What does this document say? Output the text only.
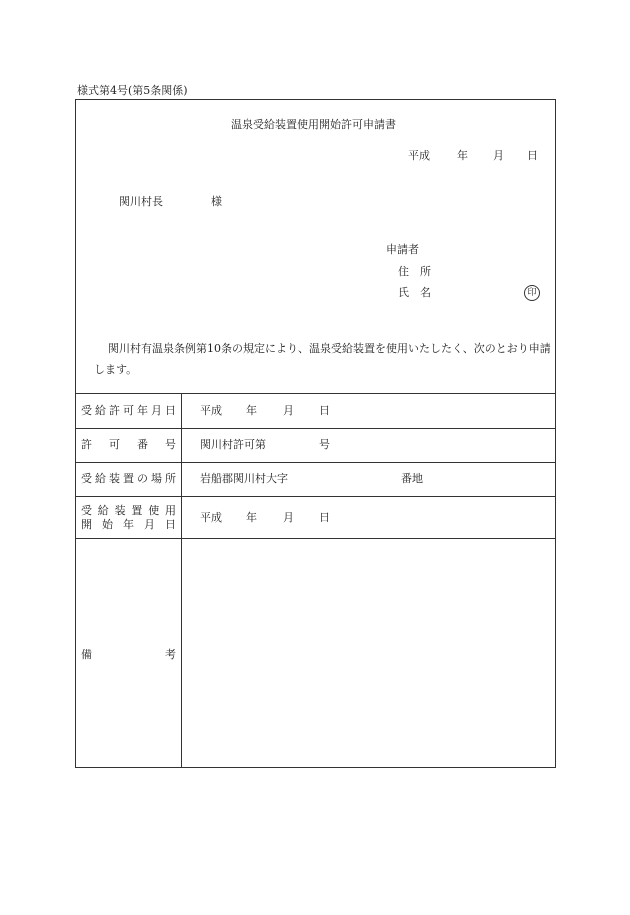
様式第4号(第5条関係)
温泉受給装置使用開始許可申請書
平成 年 月 日
関川村長	様
申請者
住　所
氏　名	印
関川村有温泉条例第10条の規定により、温泉受給装置を使用いたしたく、次のとおり申請します。
受給許可年月日 平成 年 月 日
許可番号 関川村許可第	号
受給装置の場所 岩船郡関川村大字	番地
受給装置使用
開始年月日
平成 年 月 日
備考
